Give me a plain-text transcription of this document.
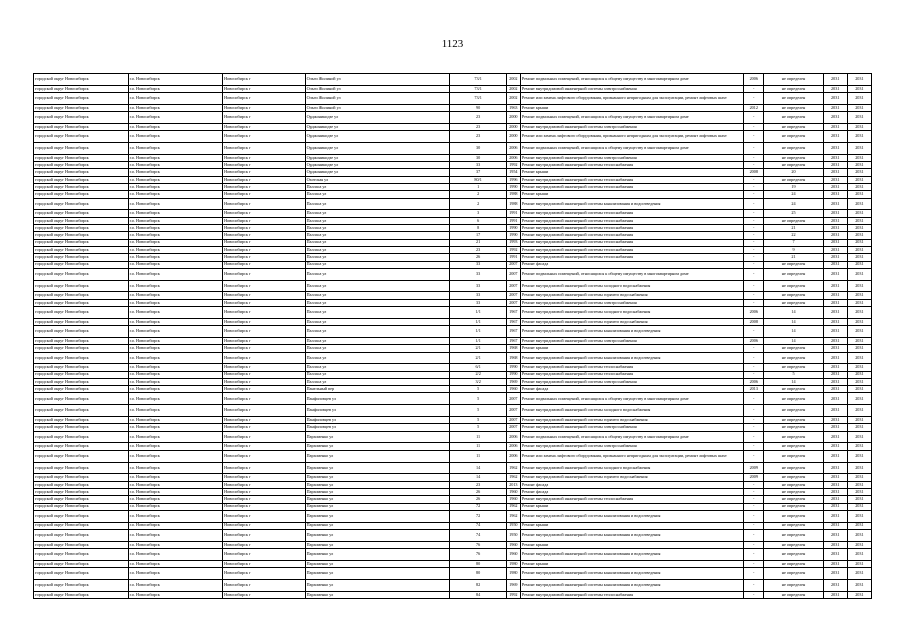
1123
городской округ Новосибирск	г.о. Новосибирск	Новосибирск г	Ольги Жилиной ул	73/1	2002	Ремонт подвальных помещений, относящихся к общему имуществу в многоквартирном доме	2006	не определен	2031	2031
городской округ Новосибирск	г.о. Новосибирск	Новосибирск г	Ольги Жилиной ул	73/1	2002	Ремонт внутридомовой инженерной системы электроснабжения	-	не определен	2031	2031
городской округ Новосибирск	г.о. Новосибирск	Новосибирск г	Ольги Жилиной ул	73/1	2002	Ремонт или замена лифтового оборудования, признанного непригодным для эксплуатации, ремонт лифтовых шахт	-	не определен	2031	2031
городской округ Новосибирск	г.о. Новосибирск	Новосибирск г	Ольги Жилиной ул	90	1963	Ремонт крыши	2012	не определен	2031	2031
городской округ Новосибирск	г.о. Новосибирск	Новосибирск г	Орджоникидзе ул	23	2000	Ремонт подвальных помещений, относящихся к общему имуществу в многоквартирном доме	-	не определен	2031	2031
городской округ Новосибирск	г.о. Новосибирск	Новосибирск г	Орджоникидзе ул	23	2000	Ремонт внутридомовой инженерной системы электроснабжения	-	не определен	2031	2031
городской округ Новосибирск	г.о. Новосибирск	Новосибирск г	Орджоникидзе ул	23	2000	Ремонт или замена лифтового оборудования, признанного непригодным для эксплуатации, ремонт лифтовых шахт	-	не определен	2031	2031
городской округ Новосибирск	г.о. Новосибирск	Новосибирск г	Орджоникидзе ул	30	2006	Ремонт подвальных помещений, относящихся к общему имуществу в многоквартирном доме	-	не определен	2031	2031
городской округ Новосибирск	г.о. Новосибирск	Новосибирск г	Орджоникидзе ул	30	2006	Ремонт внутридомовой инженерной системы электроснабжения	-	не определен	2031	2031
городской округ Новосибирск	г.о. Новосибирск	Новосибирск г	Орджоникидзе ул	33	1992	Ремонт внутридомовой инженерной системы теплоснабжения	-	не определен	2031	2031
городской округ Новосибирск	г.о. Новосибирск	Новосибирск г	Орджоникидзе ул	37	1954	Ремонт крыши	2008	20	2031	2031
городской округ Новосибирск	г.о. Новосибирск	Новосибирск г	Охотская ул	80/1	1996	Ремонт внутридомовой инженерной системы теплоснабжения	-	не определен	2031	2031
городской округ Новосибирск	г.о. Новосибирск	Новосибирск г	Палласа ул	1	1990	Ремонт внутридомовой инженерной системы теплоснабжения	-	19	2031	2031
городской округ Новосибирск	г.о. Новосибирск	Новосибирск г	Палласа ул	2	1988	Ремонт крыши	-	24	2031	2031
городской округ Новосибирск	г.о. Новосибирск	Новосибирск г	Палласа ул	2	1988	Ремонт внутридомовой инженерной системы канализования и водоотведения	-	24	2031	2031
городской округ Новосибирск	г.о. Новосибирск	Новосибирск г	Палласа ул	3	1991	Ремонт внутридомовой инженерной системы теплоснабжения	-	25	2031	2031
городской округ Новосибирск	г.о. Новосибирск	Новосибирск г	Палласа ул	6	1991	Ремонт внутридомовой инженерной системы теплоснабжения	-	не определен	2031	2031
городской округ Новосибирск	г.о. Новосибирск	Новосибирск г	Палласа ул	8	1990	Ремонт внутридомовой инженерной системы теплоснабжения	-	21	2031	2031
городской округ Новосибирск	г.о. Новосибирск	Новосибирск г	Палласа ул	17	1990	Ремонт внутридомовой инженерной системы теплоснабжения	-	22	2031	2031
городской округ Новосибирск	г.о. Новосибирск	Новосибирск г	Палласа ул	21	1993	Ремонт внутридомовой инженерной системы теплоснабжения	-	7	2031	2031
городской округ Новосибирск	г.о. Новосибирск	Новосибирск г	Палласа ул	23	1992	Ремонт внутридомовой инженерной системы теплоснабжения	-	9	2031	2031
городской округ Новосибирск	г.о. Новосибирск	Новосибирск г	Палласа ул	26	1991	Ремонт внутридомовой инженерной системы теплоснабжения	-	21	2031	2031
городской округ Новосибирск	г.о. Новосибирск	Новосибирск г	Палласа ул	33	2007	Ремонт фасада	-	не определен	2031	2031
городской округ Новосибирск	г.о. Новосибирск	Новосибирск г	Палласа ул	33	2007	Ремонт подвальных помещений, относящихся к общему имуществу в многоквартирном доме	-	не определен	2031	2031
городской округ Новосибирск	г.о. Новосибирск	Новосибирск г	Палласа ул	33	2007	Ремонт внутридомовой инженерной системы холодного водоснабжения	-	не определен	2031	2031
городской округ Новосибирск	г.о. Новосибирск	Новосибирск г	Палласа ул	33	2007	Ремонт внутридомовой инженерной системы горячего водоснабжения	-	не определен	2031	2031
городской округ Новосибирск	г.о. Новосибирск	Новосибирск г	Палласа ул	33	2007	Ремонт внутридомовой инженерной системы электроснабжения	-	не определен	2031	2031
городской округ Новосибирск	г.о. Новосибирск	Новосибирск г	Палласа ул	1/1	1967	Ремонт внутридомовой инженерной системы холодного водоснабжения	2006	14	2031	2031
городской округ Новосибирск	г.о. Новосибирск	Новосибирск г	Палласа ул	1/1	1967	Ремонт внутридомовой инженерной системы горячего водоснабжения	2008	14	2031	2031
городской округ Новосибирск	г.о. Новосибирск	Новосибирск г	Палласа ул	1/1	1967	Ремонт внутридомовой инженерной системы канализования и водоотведения	-	14	2031	2031
городской округ Новосибирск	г.о. Новосибирск	Новосибирск г	Палласа ул	1/1	1967	Ремонт внутридомовой инженерной системы электроснабжения	2006	14	2031	2031
городской округ Новосибирск	г.о. Новосибирск	Новосибирск г	Палласа ул	2/1	1968	Ремонт крыши	-	не определен	2031	2031
городской округ Новосибирск	г.о. Новосибирск	Новосибирск г	Палласа ул	2/1	1968	Ремонт внутридомовой инженерной системы канализования и водоотведения	-	не определен	2031	2031
городской округ Новосибирск	г.о. Новосибирск	Новосибирск г	Палласа ул	6/1	1990	Ремонт внутридомовой инженерной системы теплоснабжения	-	не определен	2031	2031
городской округ Новосибирск	г.о. Новосибирск	Новосибирск г	Палласа ул	2/2	1990	Ремонт внутридомовой инженерной системы теплоснабжения	-	5	2031	2031
городской округ Новосибирск	г.о. Новосибирск	Новосибирск г	Палласа ул	3/2	1969	Ремонт внутридомовой инженерной системы электроснабжения	2006	14	2031	2031
городской округ Новосибирск	г.о. Новосибирск	Новосибирск г	Панельный пер	5	1960	Ремонт фасада	2013	не определен	2031	2031
городской округ Новосибирск	г.о. Новосибирск	Новосибирск г	Панфиловцев ул	5	2007	Ремонт подвальных помещений, относящихся к общему имуществу в многоквартирном доме	-	не определен	2031	2031
городской округ Новосибирск	г.о. Новосибирск	Новосибирск г	Панфиловцев ул	5	2007	Ремонт внутридомовой инженерной системы холодного водоснабжения	-	не определен	2031	2031
городской округ Новосибирск	г.о. Новосибирск	Новосибирск г	Панфиловцев ул	5	2007	Ремонт внутридомовой инженерной системы горячего водоснабжения	-	не определен	2031	2031
городской округ Новосибирск	г.о. Новосибирск	Новосибирск г	Панфиловцев ул	5	2007	Ремонт внутридомовой инженерной системы электроснабжения	-	не определен	2031	2031
городской округ Новосибирск	г.о. Новосибирск	Новосибирск г	Пархоменко ул	11	2006	Ремонт подвальных помещений, относящихся к общему имуществу в многоквартирном доме	-	не определен	2031	2031
городской округ Новосибирск	г.о. Новосибирск	Новосибирск г	Пархоменко ул	11	2006	Ремонт внутридомовой инженерной системы электроснабжения	-	не определен	2031	2031
городской округ Новосибирск	г.о. Новосибирск	Новосибирск г	Пархоменко ул	11	2006	Ремонт или замена лифтового оборудования, признанного непригодным для эксплуатации, ремонт лифтовых шахт	-	не определен	2031	2031
городской округ Новосибирск	г.о. Новосибирск	Новосибирск г	Пархоменко ул	14	1962	Ремонт внутридомовой инженерной системы холодного водоснабжения	2009	не определен	2031	2031
городской округ Новосибирск	г.о. Новосибирск	Новосибирск г	Пархоменко ул	14	1962	Ремонт внутридомовой инженерной системы горячего водоснабжения	2009	не определен	2031	2031
городской округ Новосибирск	г.о. Новосибирск	Новосибирск г	Пархоменко ул	23	2013	Ремонт фасада	-	не определен	2031	2031
городской округ Новосибирск	г.о. Новосибирск	Новосибирск г	Пархоменко ул	26	1960	Ремонт фасада	-	не определен	2031	2031
городской округ Новосибирск	г.о. Новосибирск	Новосибирск г	Пархоменко ул	26	1960	Ремонт внутридомовой инженерной системы теплоснабжения	-	не определен	2031	2031
городской округ Новосибирск	г.о. Новосибирск	Новосибирск г	Пархоменко ул	72	1962	Ремонт крыши	-	не определен	2031	2031
городской округ Новосибирск	г.о. Новосибирск	Новосибирск г	Пархоменко ул	72	1962	Ремонт внутридомовой инженерной системы канализования и водоотведения	-	не определен	2031	2031
городской округ Новосибирск	г.о. Новосибирск	Новосибирск г	Пархоменко ул	74	1950	Ремонт крыши	-	не определен	2031	2031
городской округ Новосибирск	г.о. Новосибирск	Новосибирск г	Пархоменко ул	74	1950	Ремонт внутридомовой инженерной системы канализования и водоотведения	-	не определен	2031	2031
городской округ Новосибирск	г.о. Новосибирск	Новосибирск г	Пархоменко ул	76	1960	Ремонт крыши	-	не определен	2031	2031
городской округ Новосибирск	г.о. Новосибирск	Новосибирск г	Пархоменко ул	76	1960	Ремонт внутридомовой инженерной системы канализования и водоотведения	-	не определен	2031	2031
городской округ Новосибирск	г.о. Новосибирск	Новосибирск г	Пархоменко ул	80	1980	Ремонт крыши	-	не определен	2031	2031
городской округ Новосибирск	г.о. Новосибирск	Новосибирск г	Пархоменко ул	80	1980	Ремонт внутридомовой инженерной системы канализования и водоотведения	-	не определен	2031	2031
городской округ Новосибирск	г.о. Новосибирск	Новосибирск г	Пархоменко ул	82	1969	Ремонт внутридомовой инженерной системы канализования и водоотведения	-	не определен	2031	2031
городской округ Новосибирск	г.о. Новосибирск	Новосибирск г	Пархоменко ул	84	1992	Ремонт внутридомовой инженерной системы теплоснабжения	-	не определен	2031	2031
